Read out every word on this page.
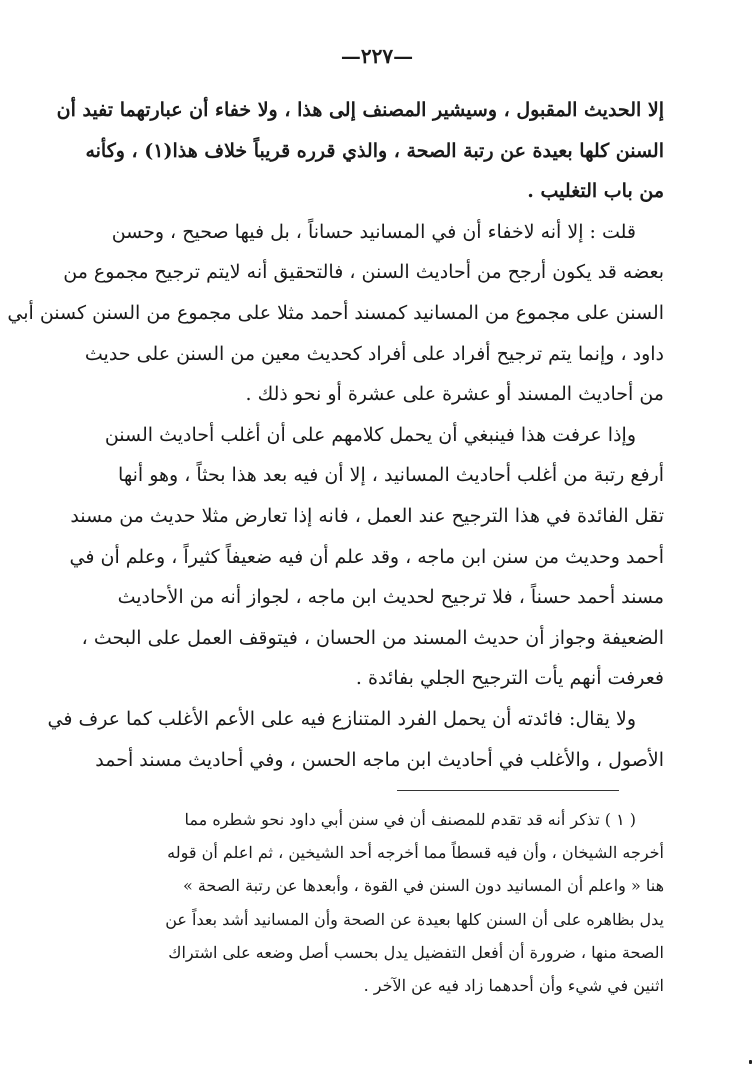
—٢٢٧—
إلا الحديث المقبول ، وسيشير المصنف إلى هذا ، ولا خفاء أن عبارتهما تفيد أن
السنن كلها بعيدة عن رتبة الصحة ، والذي قرره قريباً خلاف هذا(١) ، وكأنه
من باب التغليب .
قلت : إلا أنه لاخفاء أن في المسانيد حساناً ، بل فيها صحيح ، وحسن
بعضه قد يكون أرجح من أحاديث السنن ، فالتحقيق أنه لايتم ترجيح مجموع من
السنن على مجموع من المسانيد كمسند أحمد مثلا على مجموع من السنن كسنن أبي
داود ، وإنما يتم ترجيح أفراد على أفراد كحديث معين من السنن على حديث
من أحاديث المسند أو عشرة على عشرة أو نحو ذلك .
وإذا عرفت هذا فينبغي أن يحمل كلامهم على أن أغلب أحاديث السنن
أرفع رتبة من أغلب أحاديث المسانيد ، إلا أن فيه بعد هذا بحثاً ، وهو أنها
تقل الفائدة في هذا الترجيح عند العمل ، فانه إذا تعارض مثلا حديث من مسند
أحمد وحديث من سنن ابن ماجه ، وقد علم أن فيه ضعيفاً كثيراً ، وعلم أن في
مسند أحمد حسناً ، فلا ترجيح لحديث ابن ماجه ، لجواز أنه من الأحاديث
الضعيفة وجواز أن حديث المسند من الحسان ، فيتوقف العمل على البحث ،
فعرفت أنهم يأت الترجيح الجلي بفائدة .
ولا يقال: فائدته أن يحمل الفرد المتنازع فيه على الأعم الأغلب كما عرف في
الأصول ، والأغلب في أحاديث ابن ماجه الحسن ، وفي أحاديث مسند أحمد
( ١ ) تذكر أنه قد تقدم للمصنف أن في سنن أبي داود نحو شطره مما
أخرجه الشيخان ، وأن فيه قسطاً مما أخرجه أحد الشيخين ، ثم اعلم أن قوله
هنا « واعلم أن المسانيد دون السنن في القوة ، وأبعدها عن رتبة الصحة »
يدل بظاهره على أن السنن كلها بعيدة عن الصحة وأن المسانيد أشد بعداً عن
الصحة منها ، ضرورة أن أفعل التفضيل يدل بحسب أصل وضعه على اشتراك
اثنين في شيء وأن أحدهما زاد فيه عن الآخر .
